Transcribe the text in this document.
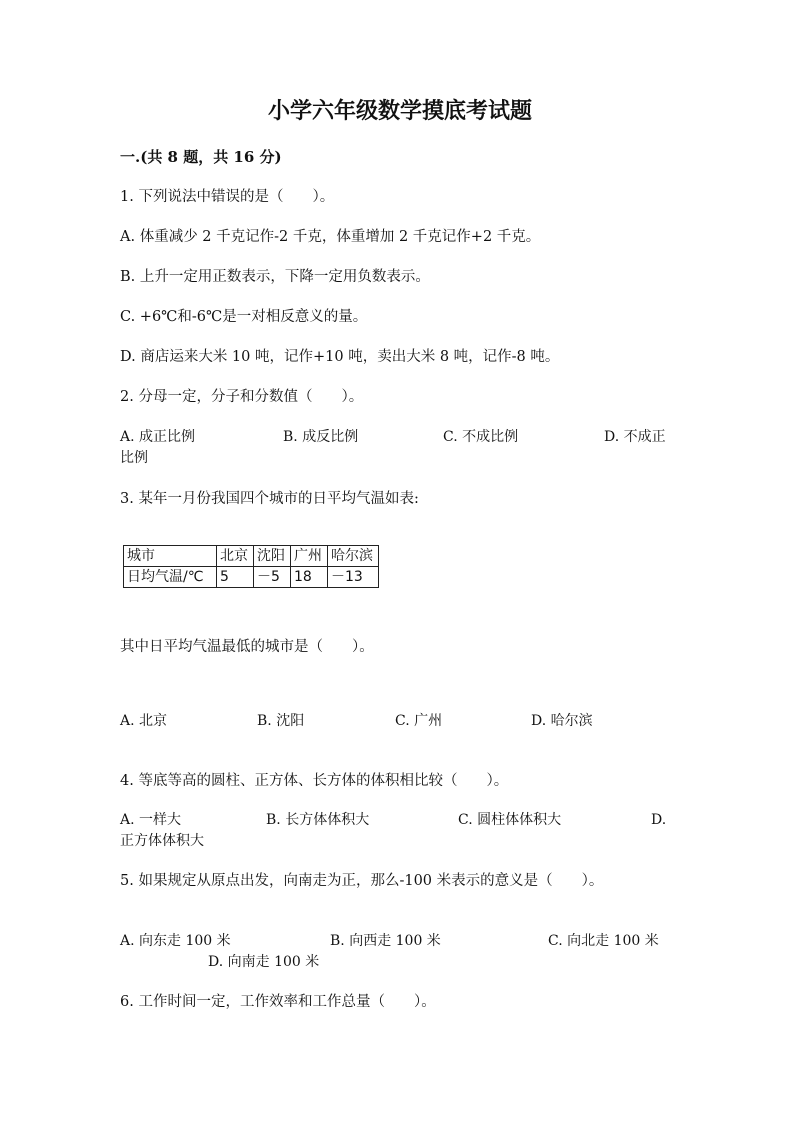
小学六年级数学摸底考试题
一.(共 8 题，共 16 分)
1. 下列说法中错误的是（　　）。
A. 体重减少 2 千克记作-2 千克，体重增加 2 千克记作+2 千克。
B. 上升一定用正数表示，下降一定用负数表示。
C. +6℃和-6℃是一对相反意义的量。
D. 商店运来大米 10 吨，记作+10 吨，卖出大米 8 吨，记作-8 吨。
2. 分母一定，分子和分数值（　　）。
A. 成正比例	B. 成反比例	C. 不成比例	D. 不成正
比例
3. 某年一月份我国四个城市的日平均气温如表:
城市	北京	沈阳	广州	哈尔滨
日均气温/℃	5	－5	18	－13
其中日平均气温最低的城市是（　　）。
A. 北京	B. 沈阳	C. 广州	D. 哈尔滨
4. 等底等高的圆柱、正方体、长方体的体积相比较（　　）。
A. 一样大	B. 长方体体积大	C. 圆柱体体积大	D.
正方体体积大
5. 如果规定从原点出发，向南走为正，那么-100 米表示的意义是（　　）。
A. 向东走 100 米	B. 向西走 100 米	C. 向北走 100 米
D. 向南走 100 米
6. 工作时间一定，工作效率和工作总量（　　）。
